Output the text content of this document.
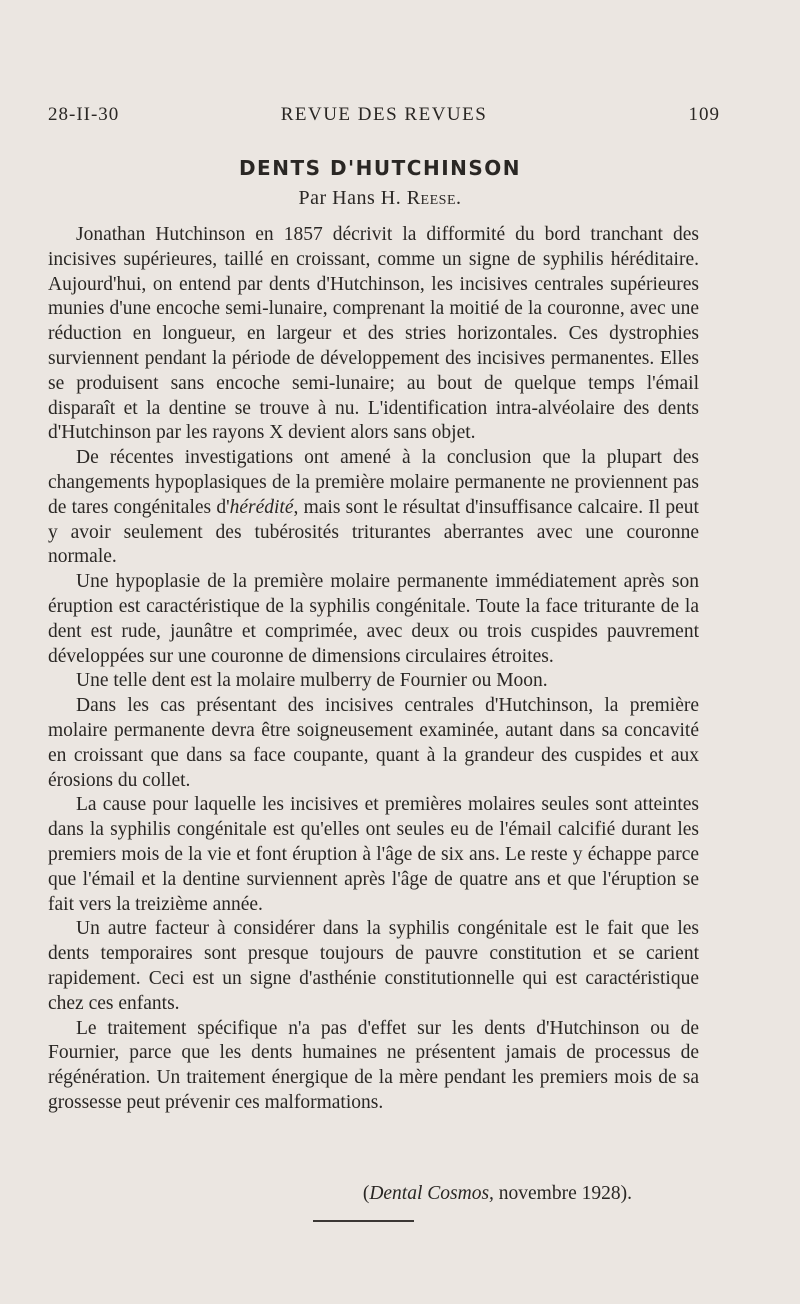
28-II-30	REVUE DES REVUES	109
DENTS D'HUTCHINSON
Par Hans H. Reese.

Jonathan Hutchinson en 1857 décrivit la difformité du bord tranchant des incisives supérieures, taillé en croissant, comme un signe de syphilis héréditaire. Aujourd'hui, on entend par dents d'Hutchinson, les incisives centrales supérieures munies d'une encoche semi-lunaire, comprenant la moitié de la couronne, avec une réduction en longueur, en largeur et des stries horizontales. Ces dystrophies surviennent pendant la période de développement des incisives permanentes. Elles se produisent sans encoche semi-lunaire; au bout de quelque temps l'émail disparaît et la dentine se trouve à nu. L'identification intra-alvéolaire des dents d'Hutchinson par les rayons X devient alors sans objet.

De récentes investigations ont amené à la conclusion que la plupart des changements hypoplasiques de la première molaire permanente ne proviennent pas de tares congénitales d'hérédité, mais sont le résultat d'insuffisance calcaire. Il peut y avoir seulement des tubérosités triturantes aberrantes avec une couronne normale.

Une hypoplasie de la première molaire permanente immédiatement après son éruption est caractéristique de la syphilis congénitale. Toute la face triturante de la dent est rude, jaunâtre et comprimée, avec deux ou trois cuspides pauvrement développées sur une couronne de dimensions circulaires étroites.

Une telle dent est la molaire mulberry de Fournier ou Moon.

Dans les cas présentant des incisives centrales d'Hutchinson, la première molaire permanente devra être soigneusement examinée, autant dans sa concavité en croissant que dans sa face coupante, quant à la grandeur des cuspides et aux érosions du collet.

La cause pour laquelle les incisives et premières molaires seules sont atteintes dans la syphilis congénitale est qu'elles ont seules eu de l'émail calcifié durant les premiers mois de la vie et font éruption à l'âge de six ans. Le reste y échappe parce que l'émail et la dentine surviennent après l'âge de quatre ans et que l'éruption se fait vers la treizième année.

Un autre facteur à considérer dans la syphilis congénitale est le fait que les dents temporaires sont presque toujours de pauvre constitution et se carient rapidement. Ceci est un signe d'asthénie constitutionnelle qui est caractéristique chez ces enfants.

Le traitement spécifique n'a pas d'effet sur les dents d'Hutchinson ou de Fournier, parce que les dents humaines ne présentent jamais de processus de régénération. Un traitement énergique de la mère pendant les premiers mois de sa grossesse peut prévenir ces malformations.

(Dental Cosmos, novembre 1928).
